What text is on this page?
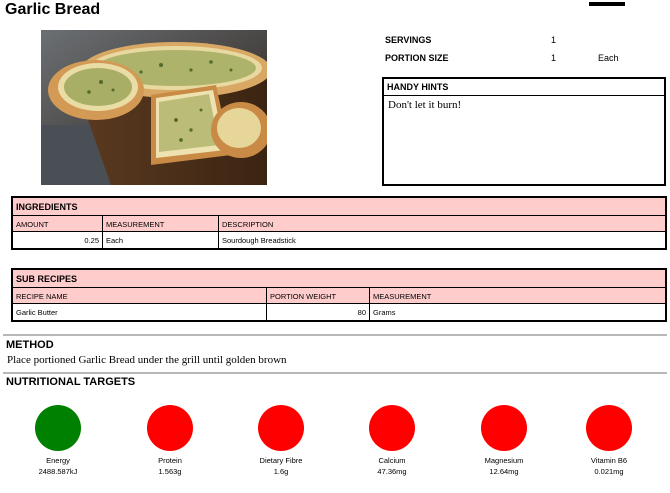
Garlic Bread
SERVINGS	1
PORTION SIZE	1	Each
HANDY HINTS
Don't let it burn!
INGREDIENTS
AMOUNT	MEASUREMENT	DESCRIPTION
0.25 Each	Sourdough Breadstick
SUB RECIPES
RECIPE NAME	PORTION WEIGHT	MEASUREMENT
Garlic Butter	80 Grams
METHOD
Place portioned Garlic Bread under the grill until golden brown
NUTRITIONAL TARGETS
Energy
2488.587kJ
Protein
1.563g
Dietary Fibre
1.6g
Calcium
47.36mg
Magnesium
12.64mg
Vitamin B6
0.021mg
